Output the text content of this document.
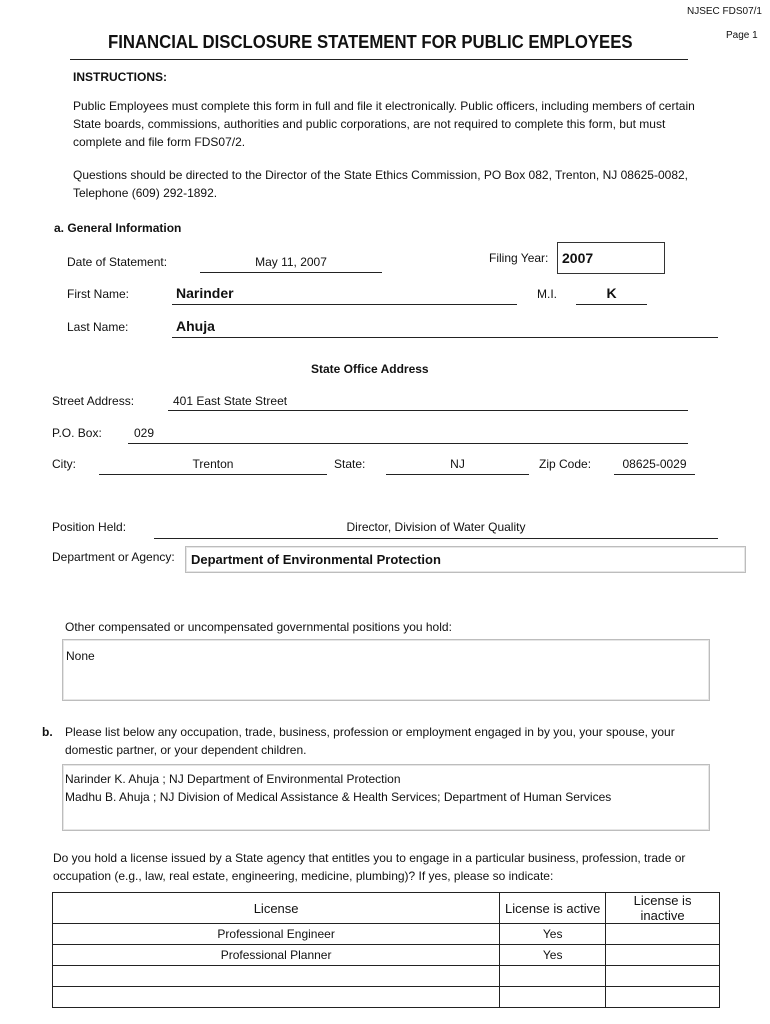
NJSEC FDS07/1
Page 1
FINANCIAL DISCLOSURE STATEMENT FOR PUBLIC EMPLOYEES
INSTRUCTIONS:
Public Employees must complete this form in full and file it electronically. Public officers, including members of certain State boards, commissions, authorities and public corporations, are not required to complete this form, but must complete and file form FDS07/2.
Questions should be directed to the Director of the State Ethics Commission, PO Box 082, Trenton, NJ 08625-0082, Telephone (609) 292-1892.
a. General Information
Date of Statement:	May 11, 2007	Filing Year: 2007
First Name:	Narinder	M.I.	K
Last Name:	Ahuja
State Office Address
Street Address:	401 East State Street
P.O. Box:	029
City:	Trenton	State:	NJ	Zip Code:	08625-0029
Position Held:	Director, Division of Water Quality
Department or Agency: Department of Environmental Protection
Other compensated or uncompensated governmental positions you hold:
None
b. Please list below any occupation, trade, business, profession or employment engaged in by you, your spouse, your domestic partner, or your dependent children.
Narinder K. Ahuja ; NJ Department of Environmental Protection
Madhu B. Ahuja ; NJ Division of Medical Assistance & Health Services; Department of Human Services
Do you hold a license issued by a State agency that entitles you to engage in a particular business, profession, trade or occupation (e.g., law, real estate, engineering, medicine, plumbing)? If yes, please so indicate:
License	License is active	License is inactive
Professional Engineer	Yes	
Professional Planner	Yes	
